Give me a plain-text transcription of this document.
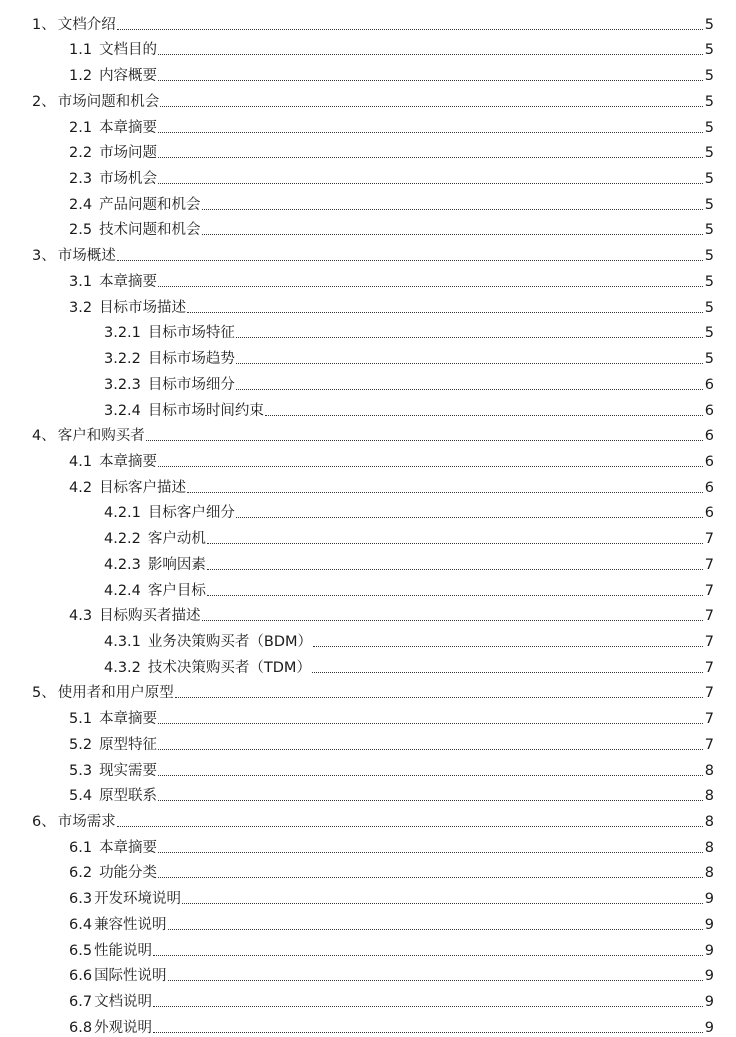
1、 文档介绍	5
1.1 文档目的	5
1.2 内容概要	5
2、 市场问题和机会	5
2.1 本章摘要	5
2.2 市场问题	5
2.3 市场机会	5
2.4 产品问题和机会	5
2.5 技术问题和机会	5
3、 市场概述	5
3.1 本章摘要	5
3.2 目标市场描述	5
3.2.1 目标市场特征	5
3.2.2 目标市场趋势	5
3.2.3 目标市场细分	6
3.2.4 目标市场时间约束	6
4、 客户和购买者	6
4.1 本章摘要	6
4.2 目标客户描述	6
4.2.1 目标客户细分	6
4.2.2 客户动机	7
4.2.3 影响因素	7
4.2.4 客户目标	7
4.3 目标购买者描述	7
4.3.1 业务决策购买者（BDM）	7
4.3.2 技术决策购买者（TDM）	7
5、 使用者和用户原型	7
5.1 本章摘要	7
5.2 原型特征	7
5.3 现实需要	8
5.4 原型联系	8
6、 市场需求	8
6.1 本章摘要	8
6.2 功能分类	8
6.3 开发环境说明	9
6.4 兼容性说明	9
6.5 性能说明	9
6.6 国际性说明	9
6.7 文档说明	9
6.8 外观说明	9
